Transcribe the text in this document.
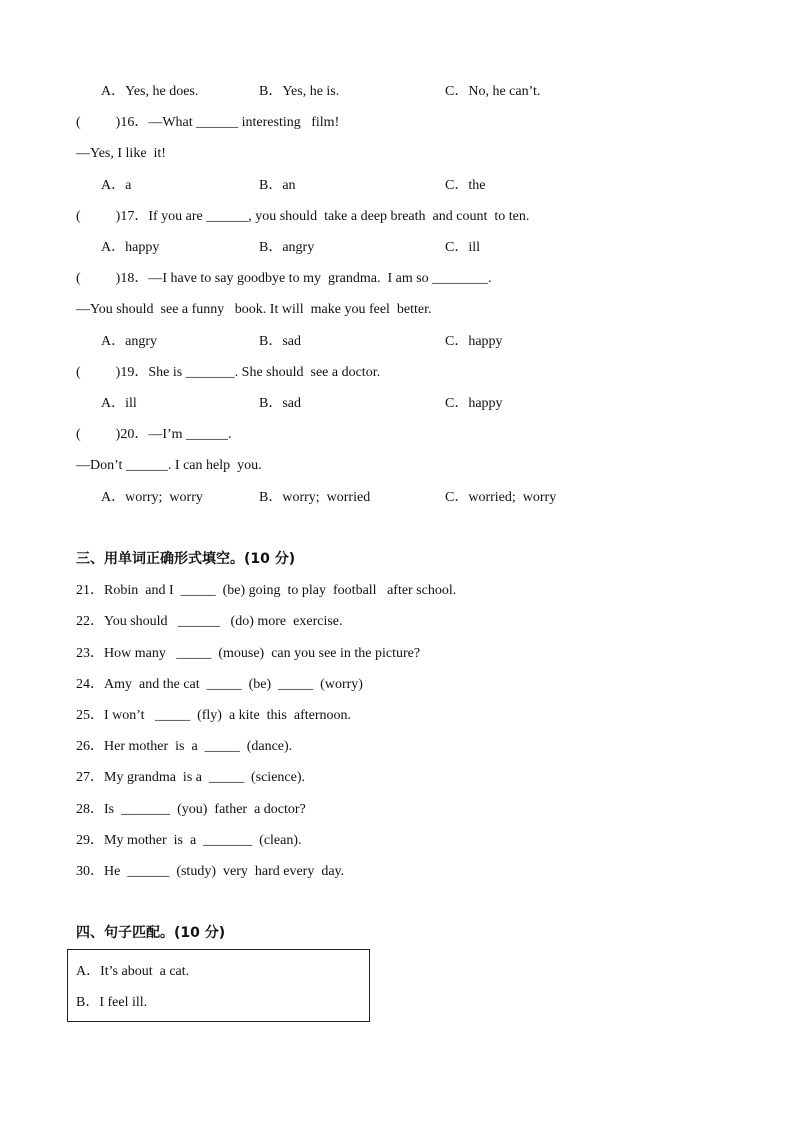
A．Yes, he does.	B．Yes, he is.	C．No, he can’t.
(          )16．—What ______ interesting   film!
—Yes, I like  it!
A．a	B．an	C．the
(          )17．If you are ______, you should  take a deep breath  and count  to ten.
A．happy	B．angry	C．ill
(          )18．—I have to say goodbye to my  grandma.  I am so ________.
—You should  see a funny   book. It will  make you feel  better.
A．angry	B．sad	C．happy
(          )19．She is _______. She should  see a doctor.
A．ill	B．sad	C．happy
(          )20．—I’m ______.
—Don’t ______. I can help  you.
A．worry;  worry	B．worry;  worried	C．worried;  worry
三、用单词正确形式填空。(10 分)
21．Robin  and I  _____  (be) going  to play  football   after school.
22．You should   ______   (do) more  exercise.
23．How many   _____  (mouse)  can you see in the picture?
24．Amy  and the cat  _____  (be)  _____  (worry)
25．I won’t   _____  (fly)  a kite  this  afternoon.
26．Her mother  is  a  _____  (dance).
27．My grandma  is a  _____  (science).
28．Is  _______  (you)  father  a doctor?
29．My mother  is  a  _______  (clean).
30．He  ______  (study)  very  hard every  day.
四、句子匹配。(10 分)
A．It’s about  a cat.
B．I feel ill.
